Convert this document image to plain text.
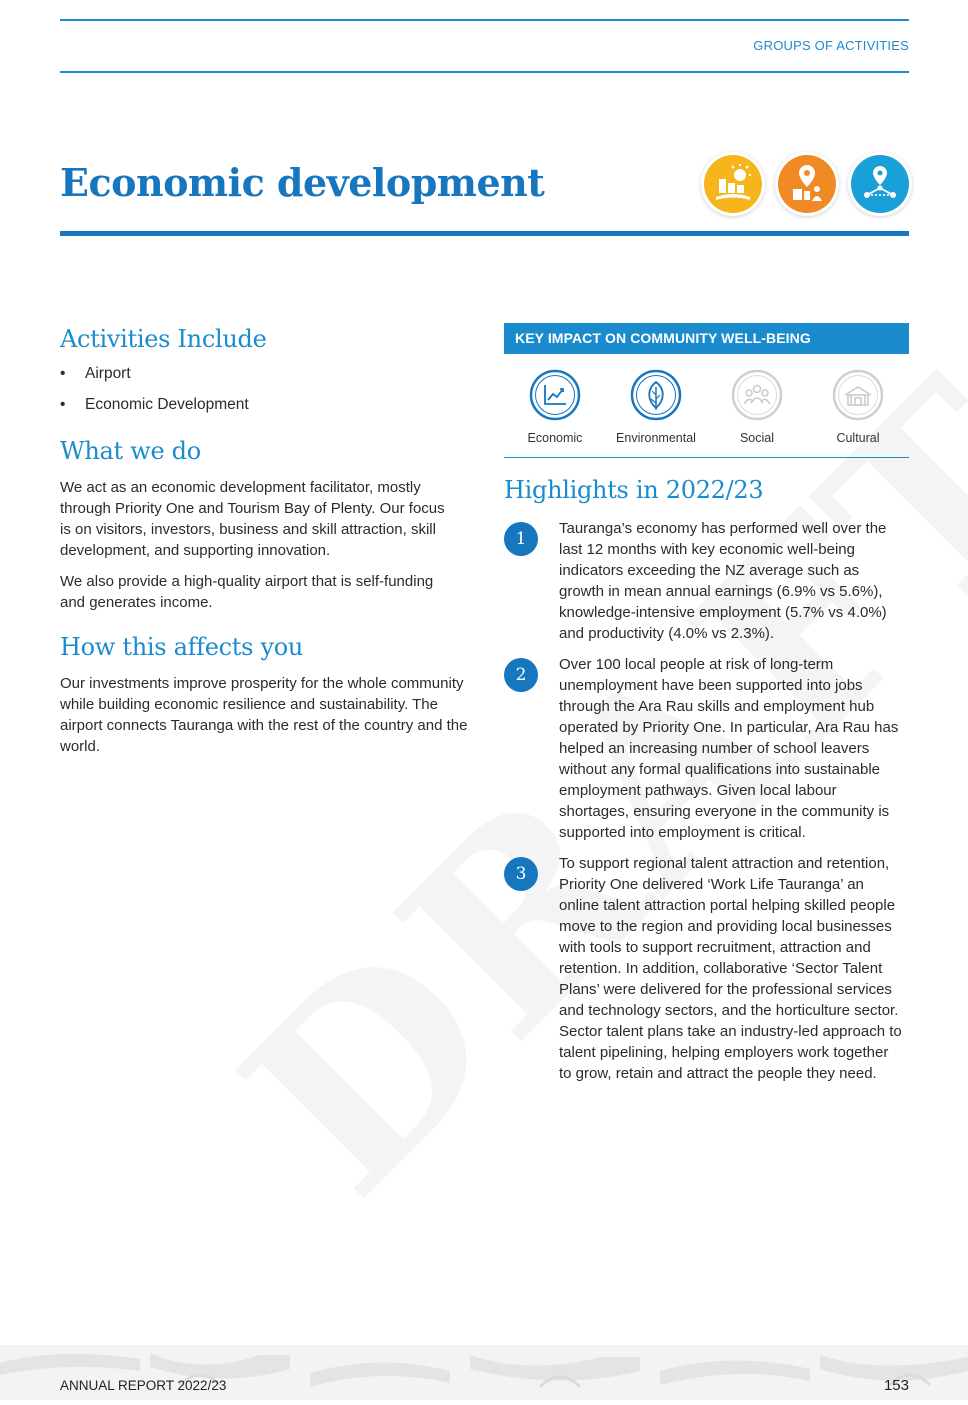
GROUPS OF ACTIVITIES
Economic development
Activities Include
• Airport
• Economic Development
What we do

We act as an economic development facilitator, mostly through Priority One and Tourism Bay of Plenty. Our focus is on visitors, investors, business and skill attraction, skill development, and supporting innovation.

We also provide a high-quality airport that is self-funding and generates income.

How this affects you

Our investments improve prosperity for the whole community while building economic resilience and sustainability. The airport connects Tauranga with the rest of the country and the world.

KEY IMPACT ON COMMUNITY WELL-BEING
Economic	Environmental	Social	Cultural
Highlights in 2022/23
1

Tauranga’s economy has performed well over the last 12 months with key economic well-being indicators exceeding the NZ average such as growth in mean annual earnings (6.9% vs 5.6%), knowledge-intensive employment (5.7% vs 4.0%) and productivity (4.0% vs 2.3%).

2

Over 100 local people at risk of long-term unemployment have been supported into jobs through the Ara Rau skills and employment hub operated by Priority One. In particular, Ara Rau has helped an increasing number of school leavers without any formal qualifications into sustainable employment pathways. Given local labour shortages, ensuring everyone in the community is supported into employment is critical.

3

To support regional talent attraction and retention, Priority One delivered ‘Work Life Tauranga’ an online talent attraction portal helping skilled people move to the region and providing local businesses with tools to support recruitment, attraction and retention. In addition, collaborative ‘Sector Talent Plans’ were delivered for the professional services and technology sectors, and the horticulture sector. Sector talent plans take an industry-led approach to talent pipelining, helping employers work together to grow, retain and attract the people they need.

ANNUAL REPORT 2022/23	153
